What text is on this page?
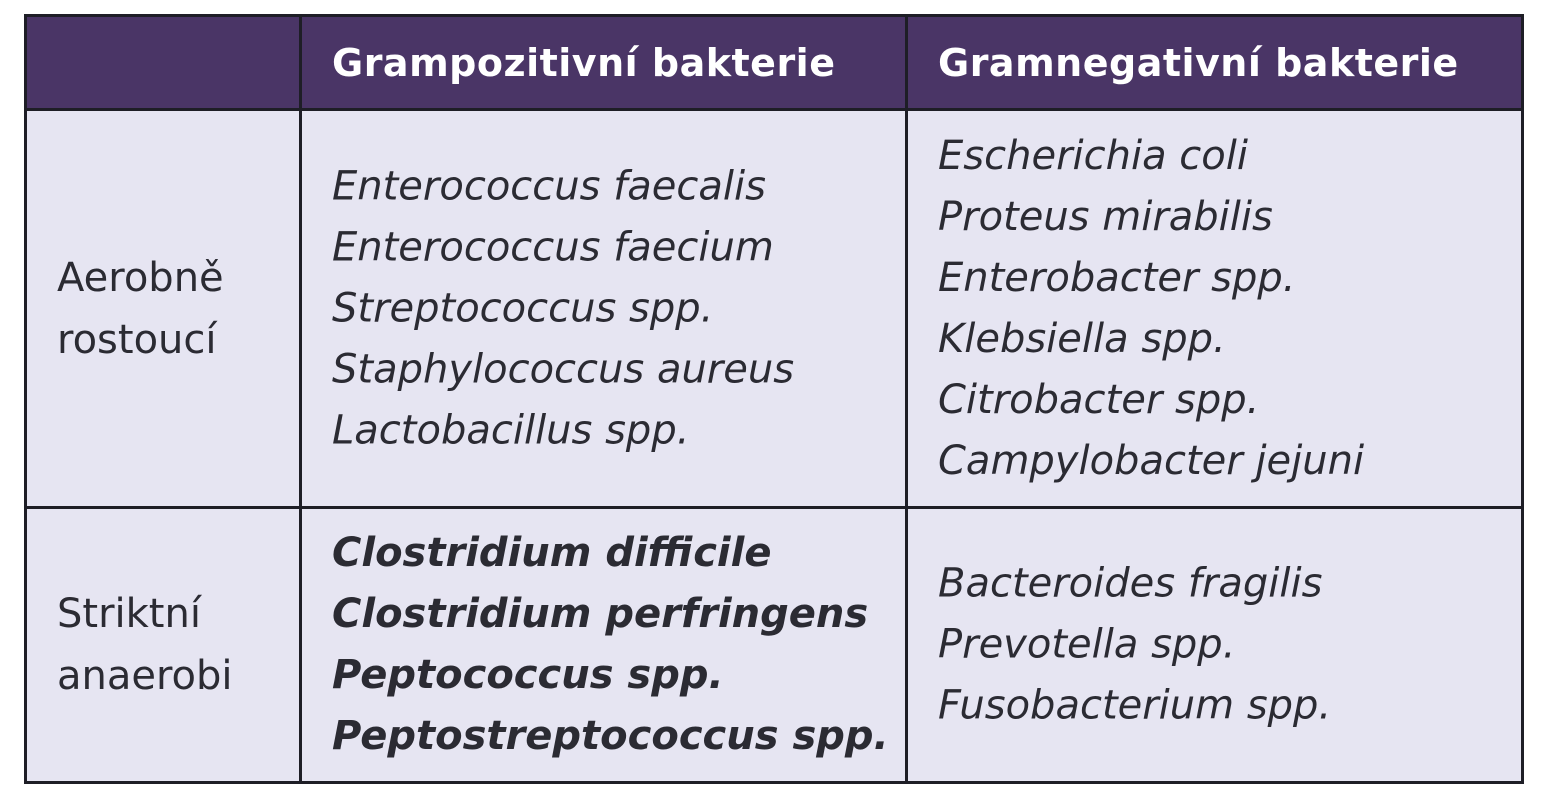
Grampozitivní bakterie	Gramnegativní bakterie
Aerobně
rostoucí
Enterococcus faecalis
Enterococcus faecium
Streptococcus spp.
Staphylococcus aureus
Lactobacillus spp.
Escherichia coli
Proteus mirabilis
Enterobacter spp.
Klebsiella spp.
Citrobacter spp.
Campylobacter jejuni
Striktní
anaerobi
Clostridium difficile
Clostridium perfringens
Peptococcus spp.
Peptostreptococcus spp.
Bacteroides fragilis
Prevotella spp.
Fusobacterium spp.
